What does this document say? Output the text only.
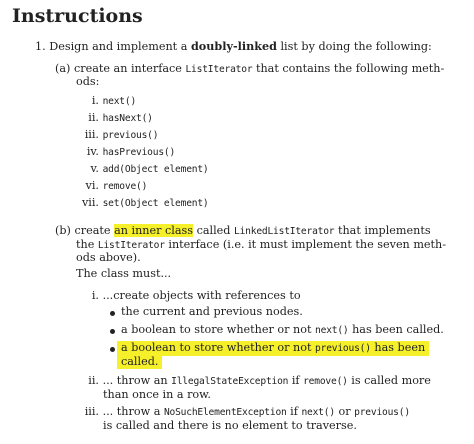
Instructions
1. Design and implement a doubly-linked list by doing the following:
(a) create an interface ListIterator that contains the following meth-
ods:
i. next()
ii. hasNext()
iii. previous()
iv. hasPrevious()
v. add(Object element)
vi. remove()
vii. set(Object element)
(b) create an inner class called LinkedListIterator that implements
the ListIterator interface (i.e. it must implement the seven meth-
ods above).
The class must...
i. ...create objects with references to
the current and previous nodes.
a boolean to store whether or not next() has been called.
a boolean to store whether or not previous() has been
called.
ii. ... throw an IllegalStateException if remove() is called more
than once in a row.
iii. ... throw a NoSuchElementException if next() or previous()
is called and there is no element to traverse.
